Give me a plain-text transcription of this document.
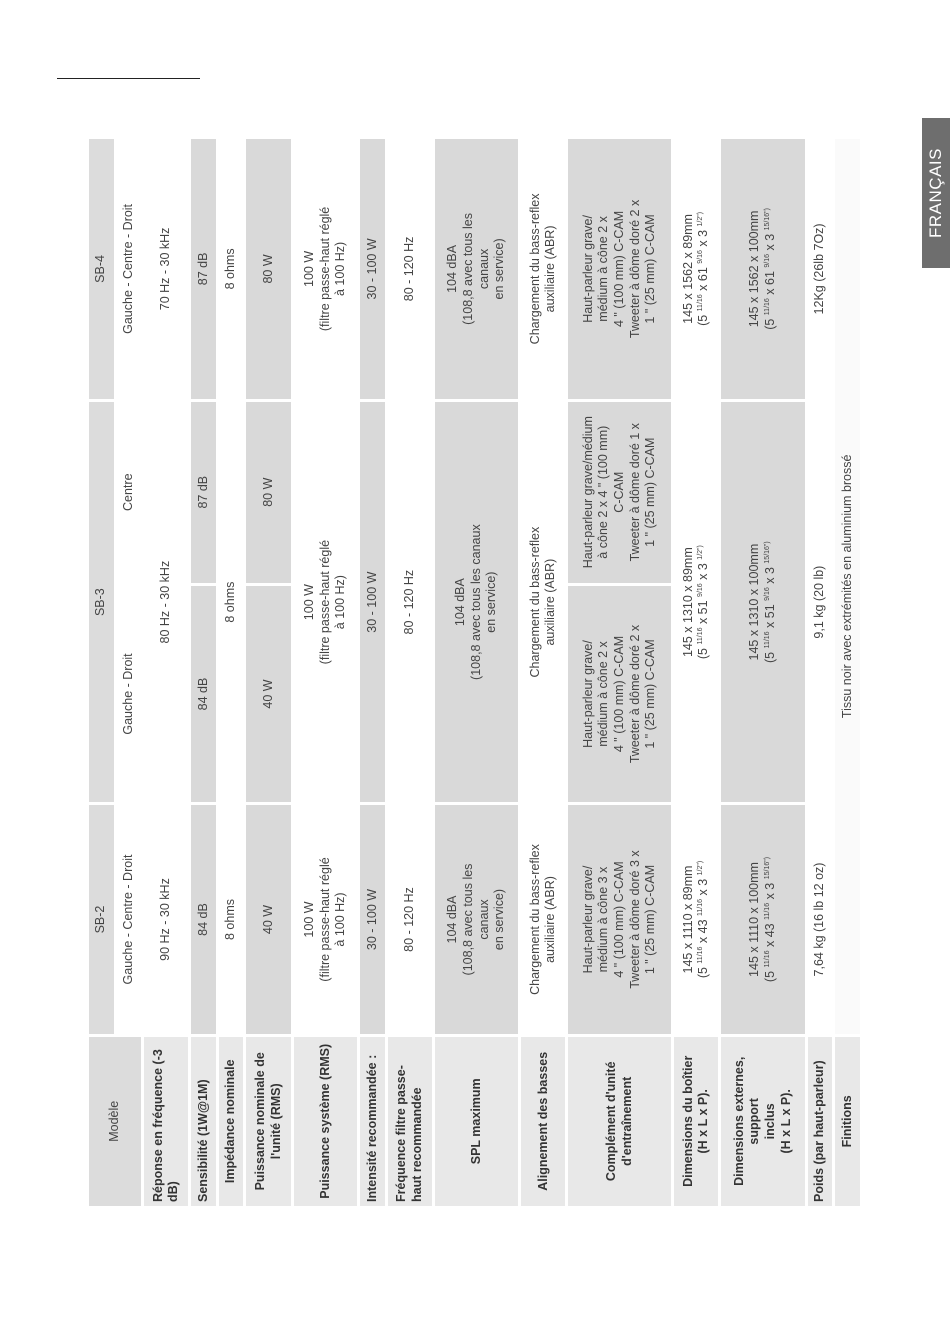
FRANÇAIS
Modèle	SB-2	SB-3		SB-4
	Gauche - Centre - Droit	Gauche - Droit	Centre	Gauche - Centre - Droit
Réponse en fréquence (-3 dB)	90 Hz - 30 kHz	80 Hz - 30 kHz		70 Hz - 30 kHz
Sensibilité (1W@1M)	84 dB	84 dB	87 dB	87 dB
Impédance nominale	8 ohms	8 ohms		8 ohms
Puissance nominale de l'unité (RMS)	40 W	40 W	80 W	80 W
Puissance système (RMS)	100 W (filtre passe-haut réglé à 100 Hz)	100 W (filtre passe-haut réglé à 100 Hz)		100 W (filtre passe-haut réglé à 100 Hz)
Intensité recommandée :	30 - 100 W	30 - 100 W		30 - 100 W
Fréquence filtre passe-haut recommandée	80 - 120 Hz	80 - 120 Hz		80 - 120 Hz
SPL maximum	104 dBA (108,8 avec tous les canaux en service)	104 dBA (108,8 avec tous les canaux en service)		104 dBA (108,8 avec tous les canaux en service)
Alignement des basses	Chargement du bass-reflex auxiliaire (ABR)	Chargement du bass-reflex auxiliaire (ABR)		Chargement du bass-reflex auxiliaire (ABR)
Complément d'unité d'entraînement	Haut-parleur grave/ médium à cône 3 x 4 " (100 mm) C-CAM Tweeter à dôme doré 3 x 1 " (25 mm) C-CAM	Haut-parleur grave/ médium à cône 2 x 4 " (100 mm) C-CAM Tweeter à dôme doré 2 x 1 " (25 mm) C-CAM	Haut-parleur grave/médium à cône 2 x 4 " (100 mm) C-CAM Tweeter à dôme doré 1 x 1 " (25 mm) C-CAM	Haut-parleur grave/ médium à cône 2 x 4 " (100 mm) C-CAM Tweeter à dôme doré 2 x 1 " (25 mm) C-CAM
Dimensions du boîtier (H x L x P).	145 x 1110 x 89mm (5 $^{11/16}$ x 43 $^{11/16}$ x 3 $^{1/2")}$	145 x 1310 x 89mm (5 $^{11/16}$ x 51 $^{9/16}$ x 3 $^{1/2")}$		145 x 1562 x 89mm (5 $^{11/16}$ x 61 $^{9/16}$ x 3 $^{1/2")}$
Dimensions externes, support inclus (H x L x P).	145 x 1110 x 100mm (5 $^{11/16}$ x 43 $^{11/16}$ x 3 $^{15/16")}$	145 x 1310 x 100mm (5 $^{11/16}$ x 51 $^{9/16}$ x 3 $^{15/16")}$		145 x 1562 x 100mm (5 $^{11/16}$ x 61 $^{9/16}$ x 3 $^{15/16")}$
Poids (par haut-parleur)	7,64 kg (16 lb 12 oz)	9,1 kg (20 lb)		12Kg (26lb 7Oz)
Finitions	Tissu noir avec extrémités en aluminium brossé			
